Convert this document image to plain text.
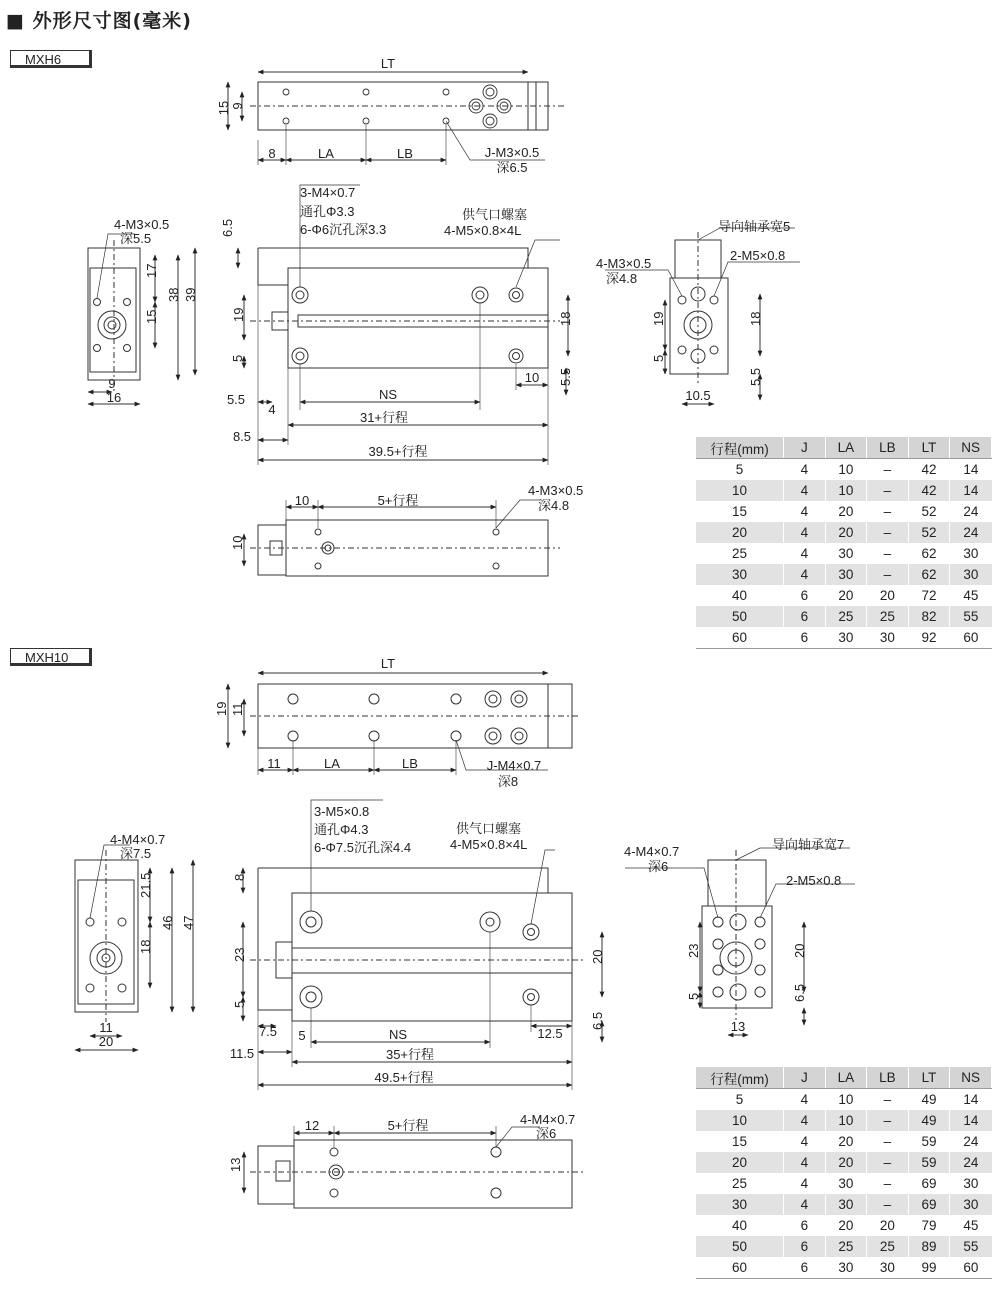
■ 外形尺寸图(毫米)
MXH6
MXH10
LT
15 9
8	LA	LB	J-M3×0.5
深6.5
3-M4×0.7
通孔Φ3.3
6-Φ6沉孔深3.3
供气口螺塞
4-M5×0.8×4L
6.5
19
5
18
10 5.5
NS
5.5
4
31+行程
8.5
39.5+行程
4-M3×0.5
深5.5
17
15
38 39
9
16
导向轴承宽5
4-M3×0.5
深4.8
2-M5×0.8
19
5
18
5.5
10.5
10	5+行程
4-M3×0.5
深4.8
10
LT
19 11
11	LA	LB	J-M4×0.7
深8
3-M5×0.8
通孔Φ4.3
6-Φ7.5沉孔深4.4
供气口螺塞
4-M5×0.8×4L
8
23
5
20
12.5
6.5
7.5 5	NS
11.5	35+行程
49.5+行程
4-M4×0.7
深7.5
21.5
18
46 47
11
20
导向轴承宽7
4-M4×0.7
深6
2-M5×0.8
23
5
20
6.5
13
12	5+行程	4-M4×0.7
深6
13
行程(mm)	J	LA	LB	LT	NS
5	4	10	–	42	14
10	4	10	–	42	14
15	4	20	–	52	24
20	4	20	–	52	24
25	4	30	–	62	30
30	4	30	–	62	30
40	6	20	20	72	45
50	6	25	25	82	55
60	6	30	30	92	60
行程(mm)	J	LA	LB	LT	NS
5	4	10	–	49	14
10	4	10	–	49	14
15	4	20	–	59	24
20	4	20	–	59	24
25	4	30	–	69	30
30	4	30	–	69	30
40	6	20	20	79	45
50	6	25	25	89	55
60	6	30	30	99	60
